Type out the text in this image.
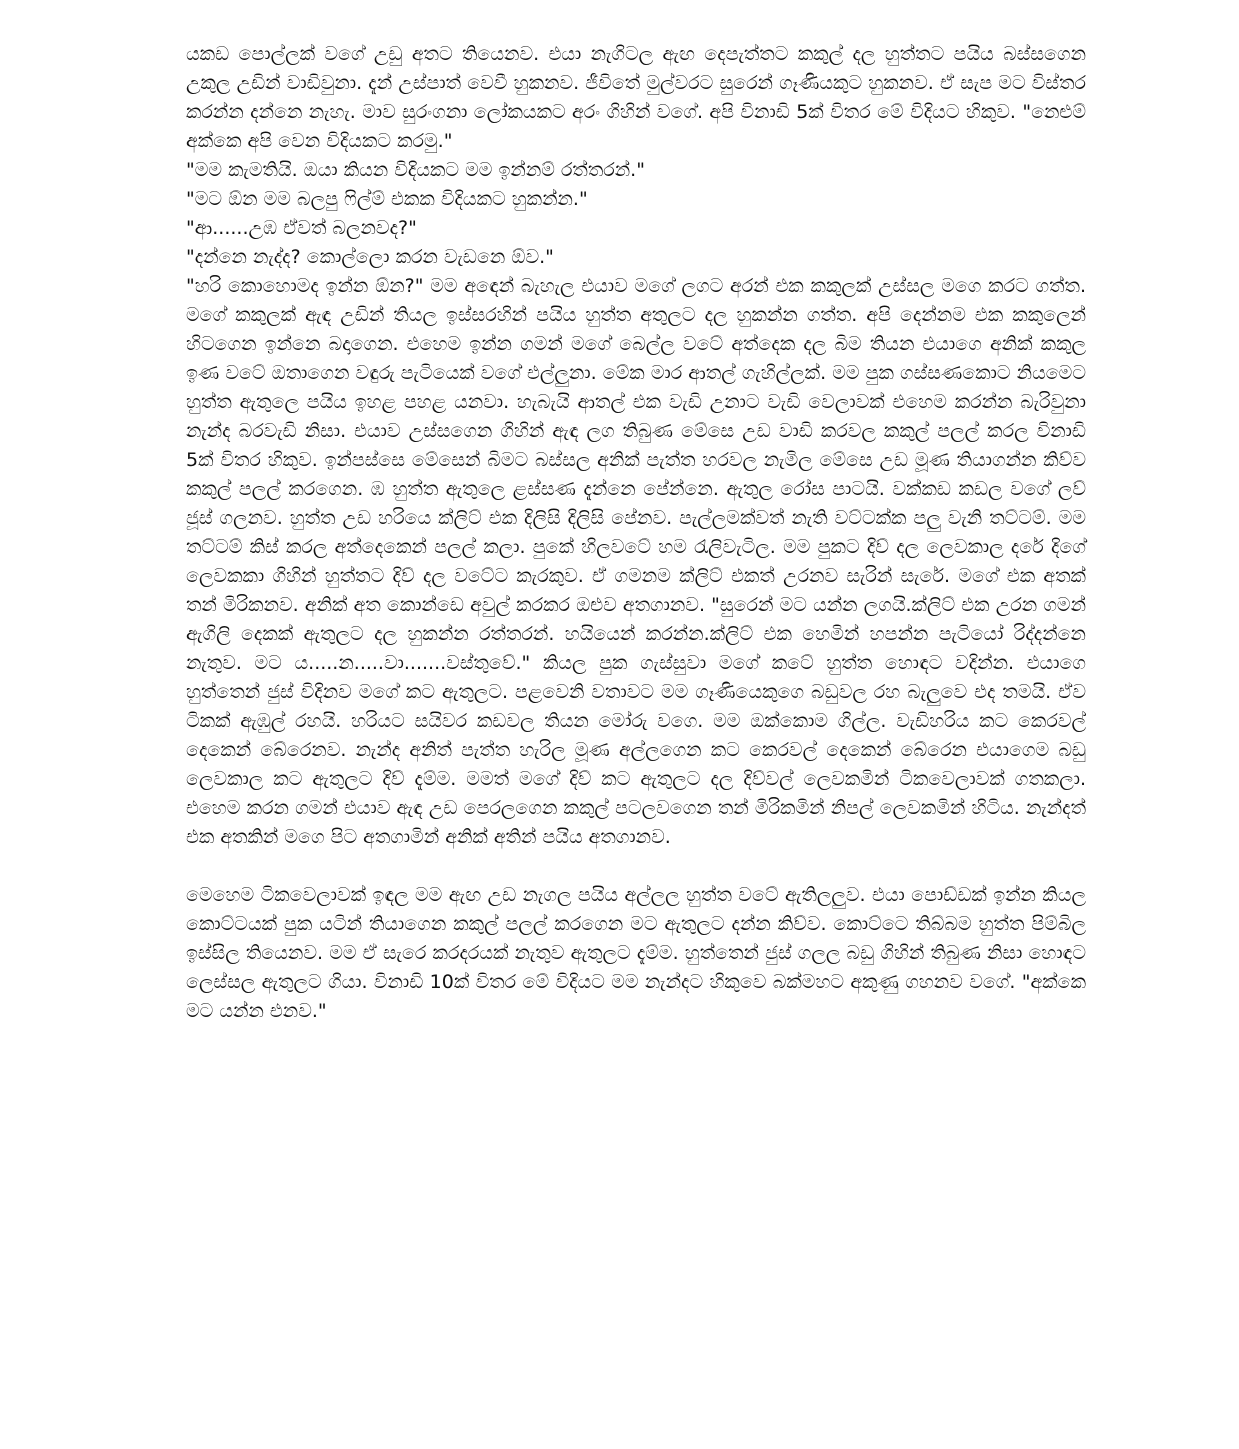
යකඩ පොල්ලක් වගේ උඩු අතට තියෙනව. එයා නැගිටල ඇඟ දෙපැත්තට කකුල් දල හුත්තට පයිය බස්සගෙන උකුල උඩින් වාඩිවුනා. දැන් උස්පාත් වෙවී හුකනව. ජීවිතේ මුල්වරට සුරෙන් ගෑණියකුට හුකනව. ඒ සැප මට විස්තර කරන්න දන්නෙ නැහැ. මාව සුරංගනා ලෝකයකට අරං ගිහින් වගේ. අපි විනාඩි 5ක් විතර මේ විදියට හිකුව. "නෙළුම් අක්කෙ අපි වෙන විදියකට කරමු."

"මම කැමතියි. ඔයා කියන විදියකට මම ඉන්නම් රත්තරන්."

"මට ඕන මම බලපු ෆිල්ම් එකක විදියකට හුකන්න."

"ආ......උඹ ඒවත් බලනවද?"

"දන්නෙ නැද්ද? කොල්ලො කරන වැඩනෙ ඕව."

"හරි කොහොමද ඉන්න ඕන?" මම අඳෙන් බැහැල එයාව මගේ ලගට අරන් එක කකුලක් උස්සල මගෙ කරට ගත්ත. මගේ කකුලක් ඇඳ උඩින් තියල ඉස්සරහින් පයිය හුත්ත අතුලට දල හුකන්න ගත්ත. අපි දෙන්නම එක කකුලෙන් හිටගෙන ඉන්නෙ බදාගෙන. එහෙම ඉන්න ගමන් මගේ බෙල්ල වටේ අත්දෙක දල බිම තියන එයාගෙ අනික් කකුල ඉණ වටේ ඔතාගෙන වඳුරු පැටියෙක් වගේ එල්ලුනා. මේක මාර ආතල් ගැහිල්ලක්. මම පුක ගස්සණකොට නියමෙට හුත්ත ඇතුලෙ පයිය ඉහළ පහළ යනවා. හැබැයි ආතල් එක වැඩි උනාට වැඩි වෙලාවක් එහෙම කරන්න බැරිවුනා නැන්ද බරවැඩි නිසා. එයාව උස්සගෙන ගිහින් ඇඳ ලග තිබුණ මේසෙ උඩ වාඩි කරවල කකුල් පලල් කරල විනාඩි 5ක් විතර හිකුව. ඉන්පස්සෙ මේසෙන් බිමට බස්සල අනික් පැත්ත හරවල නැමිල මේසෙ උඩ මූණ තියාගන්න කිව්ව කකුල් පලල් කරගෙන. ඹ හුත්ත ඇතුලෙ ළස්සණ දැන්නෙ පේන්නෙ. ඇතුල රෝස පාටයි. වක්කඩ කඩල වගේ ලව් ජූස් ගලනව. හුත්ත උඩ හරියෙ ක්ලිට් එක දිලිසි දිලිසි පේනව. පැල්ලමක්වත් නැති වට්ටක්ක පලු වැනි තට්ටම්. මම තට්ටම් කිස් කරල අත්දෙකෙන් පලල් කලා. පුකේ හිලවටේ හම රැලිවැටිල. මම පුකට දිව් දල ලෙවකාල දරේ දිගේ ලෙවකකා ගිහින් හුත්තට දිව් දල වටේට කැරකුව. ඒ ගමනම ක්ලිට් එකත් උරනව සැරින් සැරේ. මගේ එක අතක් තන් මිරිකනව. අනික් අත කොන්ඩෙ අවුල් කරකර ඔළුව අතගානව. "සුරෙන් මට යන්න ලගයි.ක්ලිට් එක උරන ගමන් ඇගිලි දෙකක් ඇතුලට දල හුකන්න රත්තරන්. හයියෙන් කරන්න.ක්ලිට් එක හෙමින් හපන්න පැටියෝ රිද්දන්නෙ නැතුව. මට ය.....න.....වා.......වස්තුවේ." කියල පුක ගැස්සුවා මගේ කටේ හුත්ත හොඳට වදින්න. එයාගෙ හුත්තෙන් ජුස් විදිනව මගේ කට ඇතුලට. පළවෙනි වතාවට මම ගෑණියෙකුගෙ බඩුවල රහ බැලුවෙ එද තමයි. ඒව ටිකක් ඇඹුල් රහයි. හරියට සයිවර කඩවල තියන මෝරු වගෙ. මම ඔක්කොම ගිල්ල. වැඩිහරිය කට කෙරවල් දෙකෙන් බේරෙනව. නැන්ද අනිත් පැත්ත හැරිල මූණ අල්ලගෙන කට කෙරවල් දෙකෙන් බේරෙන එයාගෙම බඩු ලෙවකාල කට ඇතුලට දිව් දැම්ම. මමත් මගේ දිව් කට ඇතුලට දල දිව්වල් ලෙවකමින් ටිකවෙලාවක් ගතකලා. එහෙම කරන ගමන් එයාව ඇඳ උඩ පෙරලගෙන කකුල් පටලවගෙන තන් මිරිකමින් නිපල් ලෙවකමින් හිටිය. නැන්දත් එක අතකින් මගෙ පිට අතගාමින් අනික් අතින් පයිය අතගානව.

මෙහෙම ටිකවෙලාවක් ඉඳල මම ඇඟ උඩ නැගල පයිය අල්ලල හුත්ත වටේ ඇතිලලුව. එයා පොඩ්ඩක් ඉන්න කියල කොට්ටයක් පුක යටින් තියාගෙන කකුල් පලල් කරගෙන මට ඇතුලට දන්න කිව්ව. කොට්ටෙ තිබ්බම හුත්ත පිම්බිල ඉස්සිල තියෙනව. මම ඒ සැරෙ කරදරයක් නැතුව ඇතුලට දැම්ම. හුත්තෙන් ජුස් ගලල බඩු ගිහින් තිබුණ නිසා හොඳට ලෙස්සල ඇතුලට ගියා. විනාඩි 10ක් විතර මේ විදියට මම නැන්දට හිකුවෙ බක්මහට අකුණු ගහනව වගේ. "අක්කෙ මට යන්න එනව."
